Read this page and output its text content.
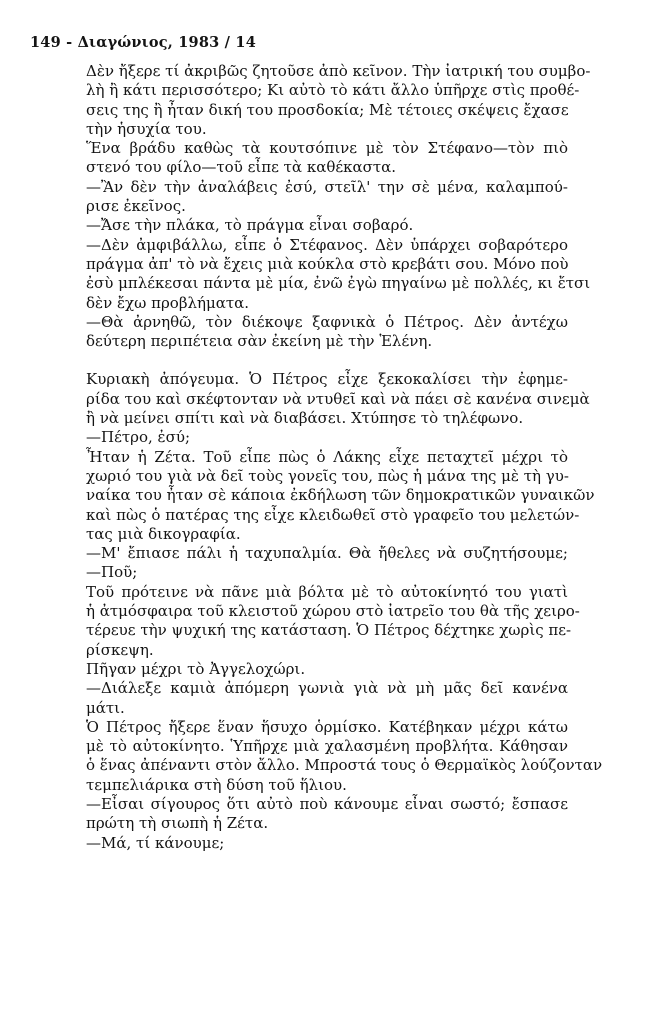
149 - Διαγώνιος, 1983 / 14
Δὲν ἤξερε τί ἀκριβῶς ζητοῦσε ἀπὸ κεῖνον. Τὴν ἰατρική του συμβο-
λὴ ἢ κάτι περισσότερο; Κι αὐτὸ τὸ κάτι ἄλλο ὑπῆρχε στὶς προθέ-
σεις της ἢ ἦταν δική του προσδοκία; Μὲ τέτοιες σκέψεις ἔχασε
τὴν ἡσυχία του.
Ἕνα βράδυ καθὼς τὰ κουτσόπινε μὲ τὸν Στέφανο—τὸν πιὸ
στενό του φίλο—τοῦ εἶπε τὰ καθέκαστα.
—Ἂν δὲν τὴν ἀναλάβεις ἐσύ, στεῖλ' την σὲ μένα, καλαμπού-
ρισε ἐκεῖνος.
—Ἄσε τὴν πλάκα, τὸ πράγμα εἶναι σοβαρό.
—Δὲν ἀμφιβάλλω, εἶπε ὁ Στέφανος. Δὲν ὑπάρχει σοβαρότερο
πράγμα ἀπ' τὸ νὰ ἔχεις μιὰ κούκλα στὸ κρεβάτι σου. Μόνο ποὺ
ἐσὺ μπλέκεσαι πάντα μὲ μία, ἐνῶ ἐγὼ πηγαίνω μὲ πολλές, κι ἔτσι
δὲν ἔχω προβλήματα.
—Θὰ ἀρνηθῶ, τὸν διέκοψε ξαφνικὰ ὁ Πέτρος. Δὲν ἀντέχω
δεύτερη περιπέτεια σὰν ἐκείνη μὲ τὴν Ἑλένη.
Κυριακὴ ἀπόγευμα. Ὁ Πέτρος εἶχε ξεκοκαλίσει τὴν ἐφημε-
ρίδα του καὶ σκέφτονταν νὰ ντυθεῖ καὶ νὰ πάει σὲ κανένα σινεμὰ
ἢ νὰ μείνει σπίτι καὶ νὰ διαβάσει. Χτύπησε τὸ τηλέφωνο.
—Πέτρο, ἐσύ;
Ἦταν ἡ Ζέτα. Τοῦ εἶπε πὼς ὁ Λάκης εἶχε πεταχτεῖ μέχρι τὸ
χωριό του γιὰ νὰ δεῖ τοὺς γονεῖς του, πὼς ἡ μάνα της μὲ τὴ γυ-
ναίκα του ἦταν σὲ κάποια ἐκδήλωση τῶν δημοκρατικῶν γυναικῶν
καὶ πὼς ὁ πατέρας της εἶχε κλειδωθεῖ στὸ γραφεῖο του μελετών-
τας μιὰ δικογραφία.
—Μ' ἔπιασε πάλι ἡ ταχυπαλμία. Θὰ ἤθελες νὰ συζητήσουμε;
—Ποῦ;
Τοῦ πρότεινε νὰ πᾶνε μιὰ βόλτα μὲ τὸ αὐτοκίνητό του γιατὶ
ἡ ἀτμόσφαιρα τοῦ κλειστοῦ χώρου στὸ ἰατρεῖο του θὰ τῆς χειρο-
τέρευε τὴν ψυχική της κατάσταση. Ὁ Πέτρος δέχτηκε χωρὶς πε-
ρίσκεψη.
Πῆγαν μέχρι τὸ Ἀγγελοχώρι.
—Διάλεξε καμιὰ ἀπόμερη γωνιὰ γιὰ νὰ μὴ μᾶς δεῖ κανένα
μάτι.
Ὁ Πέτρος ἤξερε ἕναν ἥσυχο ὁρμίσκο. Κατέβηκαν μέχρι κάτω
μὲ τὸ αὐτοκίνητο. Ὑπῆρχε μιὰ χαλασμένη προβλήτα. Κάθησαν
ὁ ἕνας ἀπέναντι στὸν ἄλλο. Μπροστά τους ὁ Θερμαϊκὸς λούζονταν
τεμπελιάρικα στὴ δύση τοῦ ἥλιου.
—Εἶσαι σίγουρος ὅτι αὐτὸ ποὺ κάνουμε εἶναι σωστό; ἔσπασε
πρώτη τὴ σιωπὴ ἡ Ζέτα.
—Μά, τί κάνουμε;
